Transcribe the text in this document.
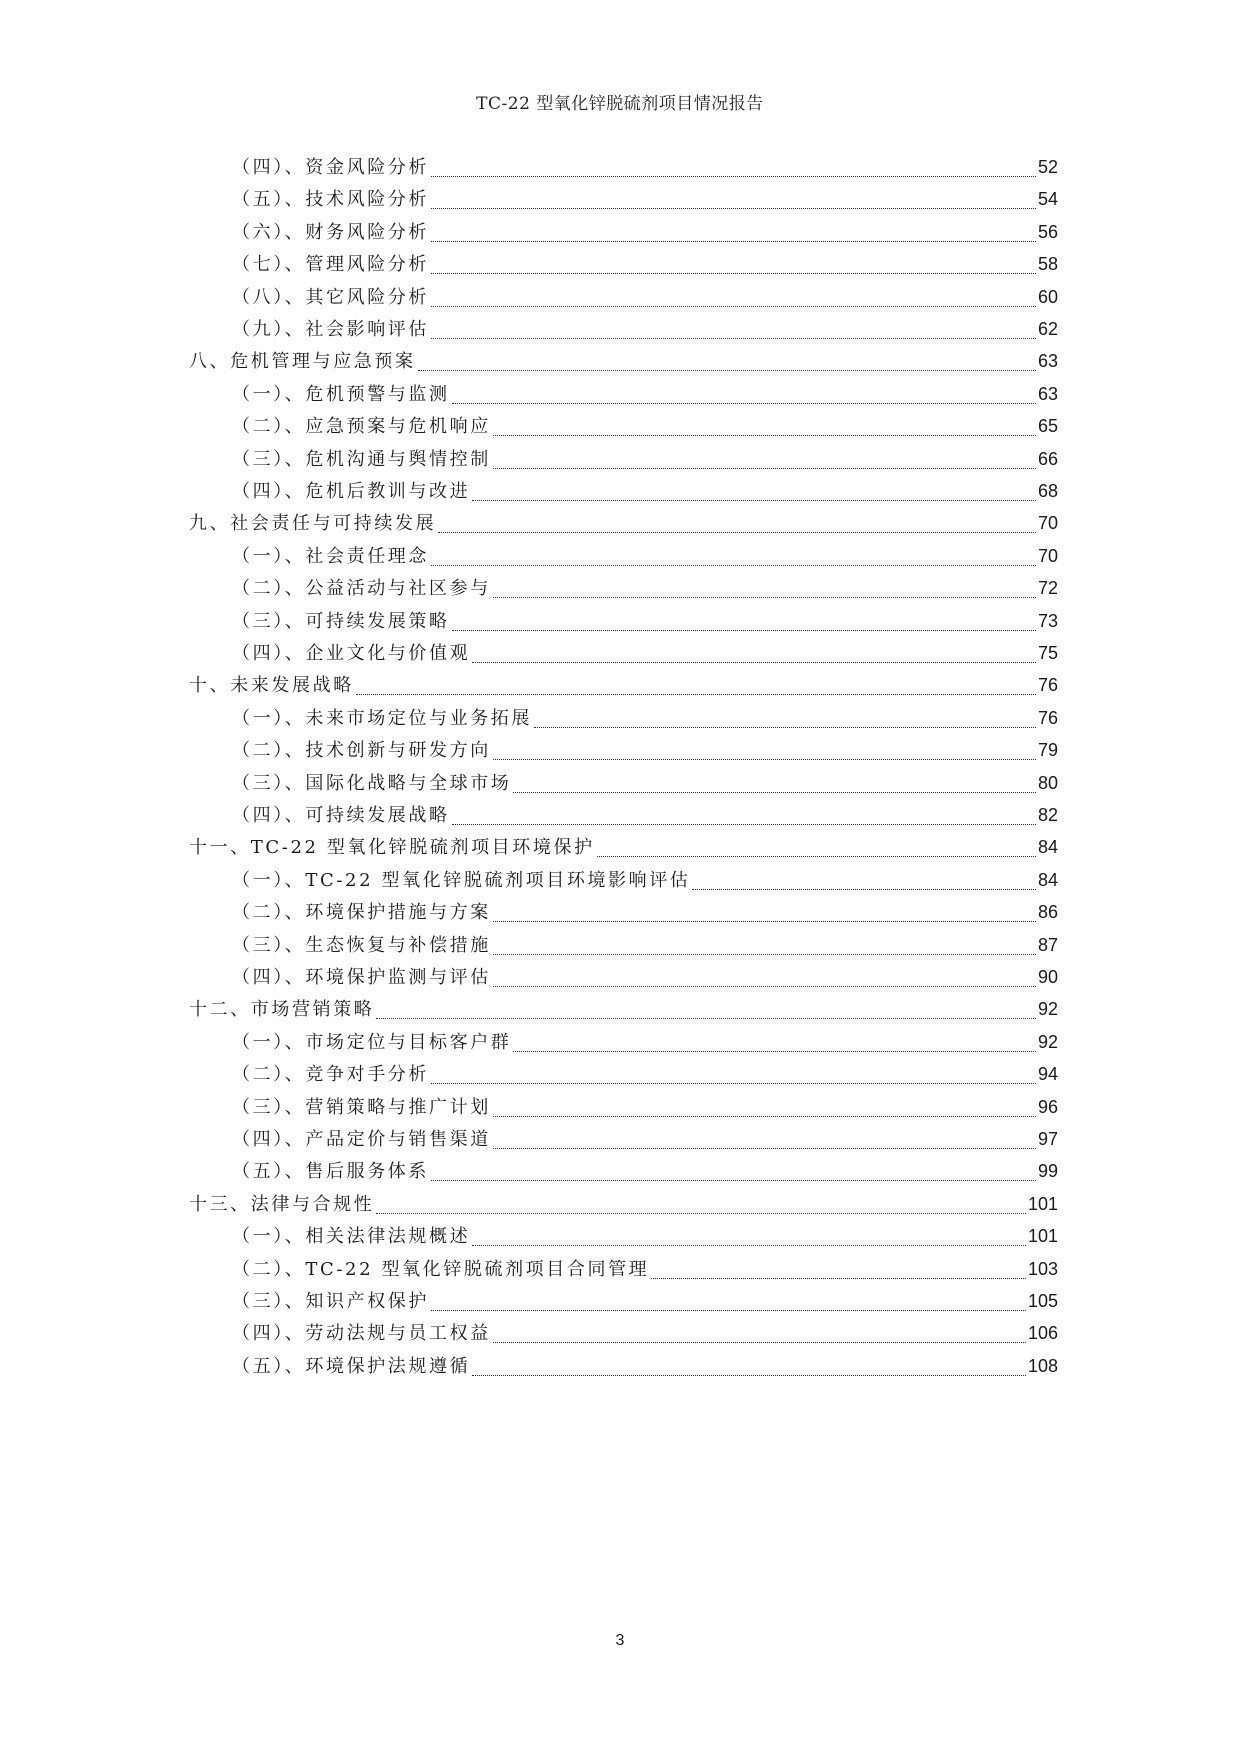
TC-22 型氧化锌脱硫剂项目情况报告
（四）、资金风险分析	52
（五）、技术风险分析	54
（六）、财务风险分析	56
（七）、管理风险分析	58
（八）、其它风险分析	60
（九）、社会影响评估	62
八、危机管理与应急预案	63
（一）、危机预警与监测	63
（二）、应急预案与危机响应	65
（三）、危机沟通与舆情控制	66
（四）、危机后教训与改进	68
九、社会责任与可持续发展	70
（一）、社会责任理念	70
（二）、公益活动与社区参与	72
（三）、可持续发展策略	73
（四）、企业文化与价值观	75
十、未来发展战略	76
（一）、未来市场定位与业务拓展	76
（二）、技术创新与研发方向	79
（三）、国际化战略与全球市场	80
（四）、可持续发展战略	82
十一、TC-22 型氧化锌脱硫剂项目环境保护	84
（一）、TC-22 型氧化锌脱硫剂项目环境影响评估	84
（二）、环境保护措施与方案	86
（三）、生态恢复与补偿措施	87
（四）、环境保护监测与评估	90
十二、市场营销策略	92
（一）、市场定位与目标客户群	92
（二）、竞争对手分析	94
（三）、营销策略与推广计划	96
（四）、产品定价与销售渠道	97
（五）、售后服务体系	99
十三、法律与合规性	101
（一）、相关法律法规概述	101
（二）、TC-22 型氧化锌脱硫剂项目合同管理	103
（三）、知识产权保护	105
（四）、劳动法规与员工权益	106
（五）、环境保护法规遵循	108
3
